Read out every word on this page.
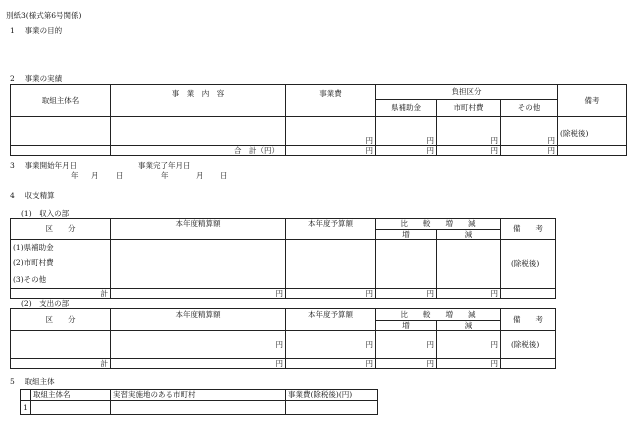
別紙3(様式第6号関係)
1　 事業の目的
2　 事業の実績
取組主体名	事　業　内　容	事業費	負担区分			備考
			県補助金	市町村費	その他	
		円	円	円	円	(除税後)
	合　計（円）	円	円	円	円	
3　 事業開始年月日	事業完了年月日
年 月 日	年	月 日
4　 収支精算
(1)　収入の部
区　　分	本年度精算額	本年度予算額	比　　較　　増　　減		備　　考
			増	減	
(1)県補助金					(除税後)
(2)市町村費					
(3)その他					
計	円	円	円	円	
(2)　支出の部
区　　分	本年度精算額	本年度予算額	比　　較　　増　　減		備　　考
			増	減	
	円	円	円	円	(除税後)
計	円	円	円	円	
5　 取組主体
	取組主体名	実習実施地のある市町村	事業費(除税後)(円)
1			
